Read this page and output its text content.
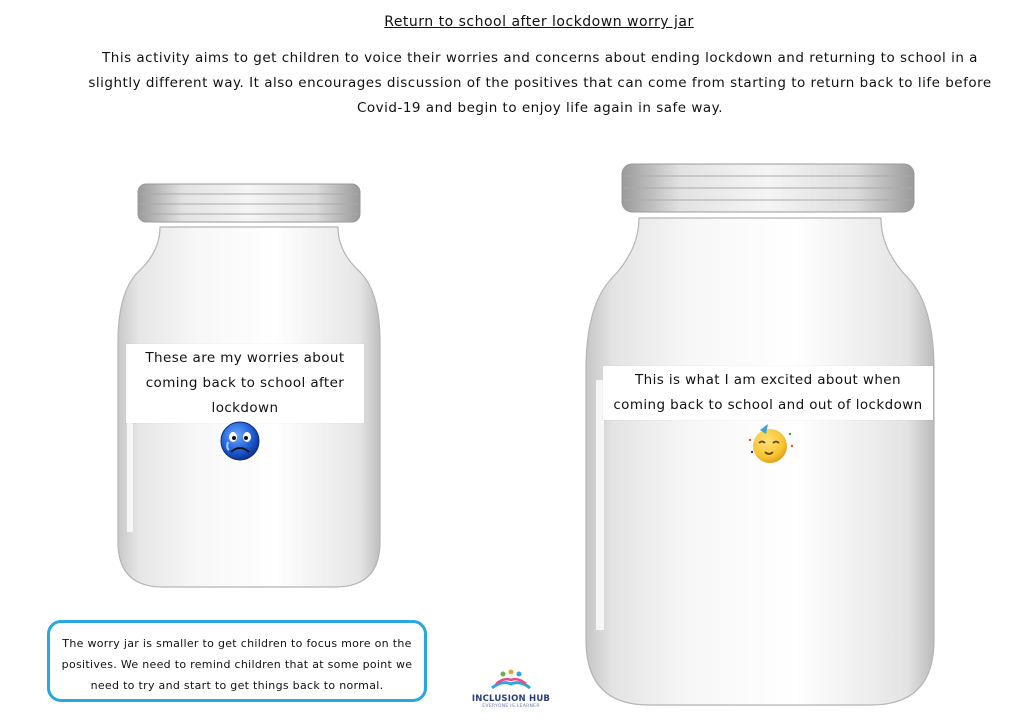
Return to school after lockdown worry jar
This activity aims to get children to voice their worries and concerns about ending lockdown and returning to school in a slightly different way. It also encourages discussion of the positives that can come from starting to return back to life before Covid-19 and begin to enjoy life again in safe way.
These are my worries about coming back to school after lockdown
This is what I am excited about when coming back to school and out of lockdown
The worry jar is smaller to get children to focus more on the positives. We need to remind children that at some point we need to try and start to get things back to normal.
INCLUSION HUB
EVERYONE IS LEARNER
